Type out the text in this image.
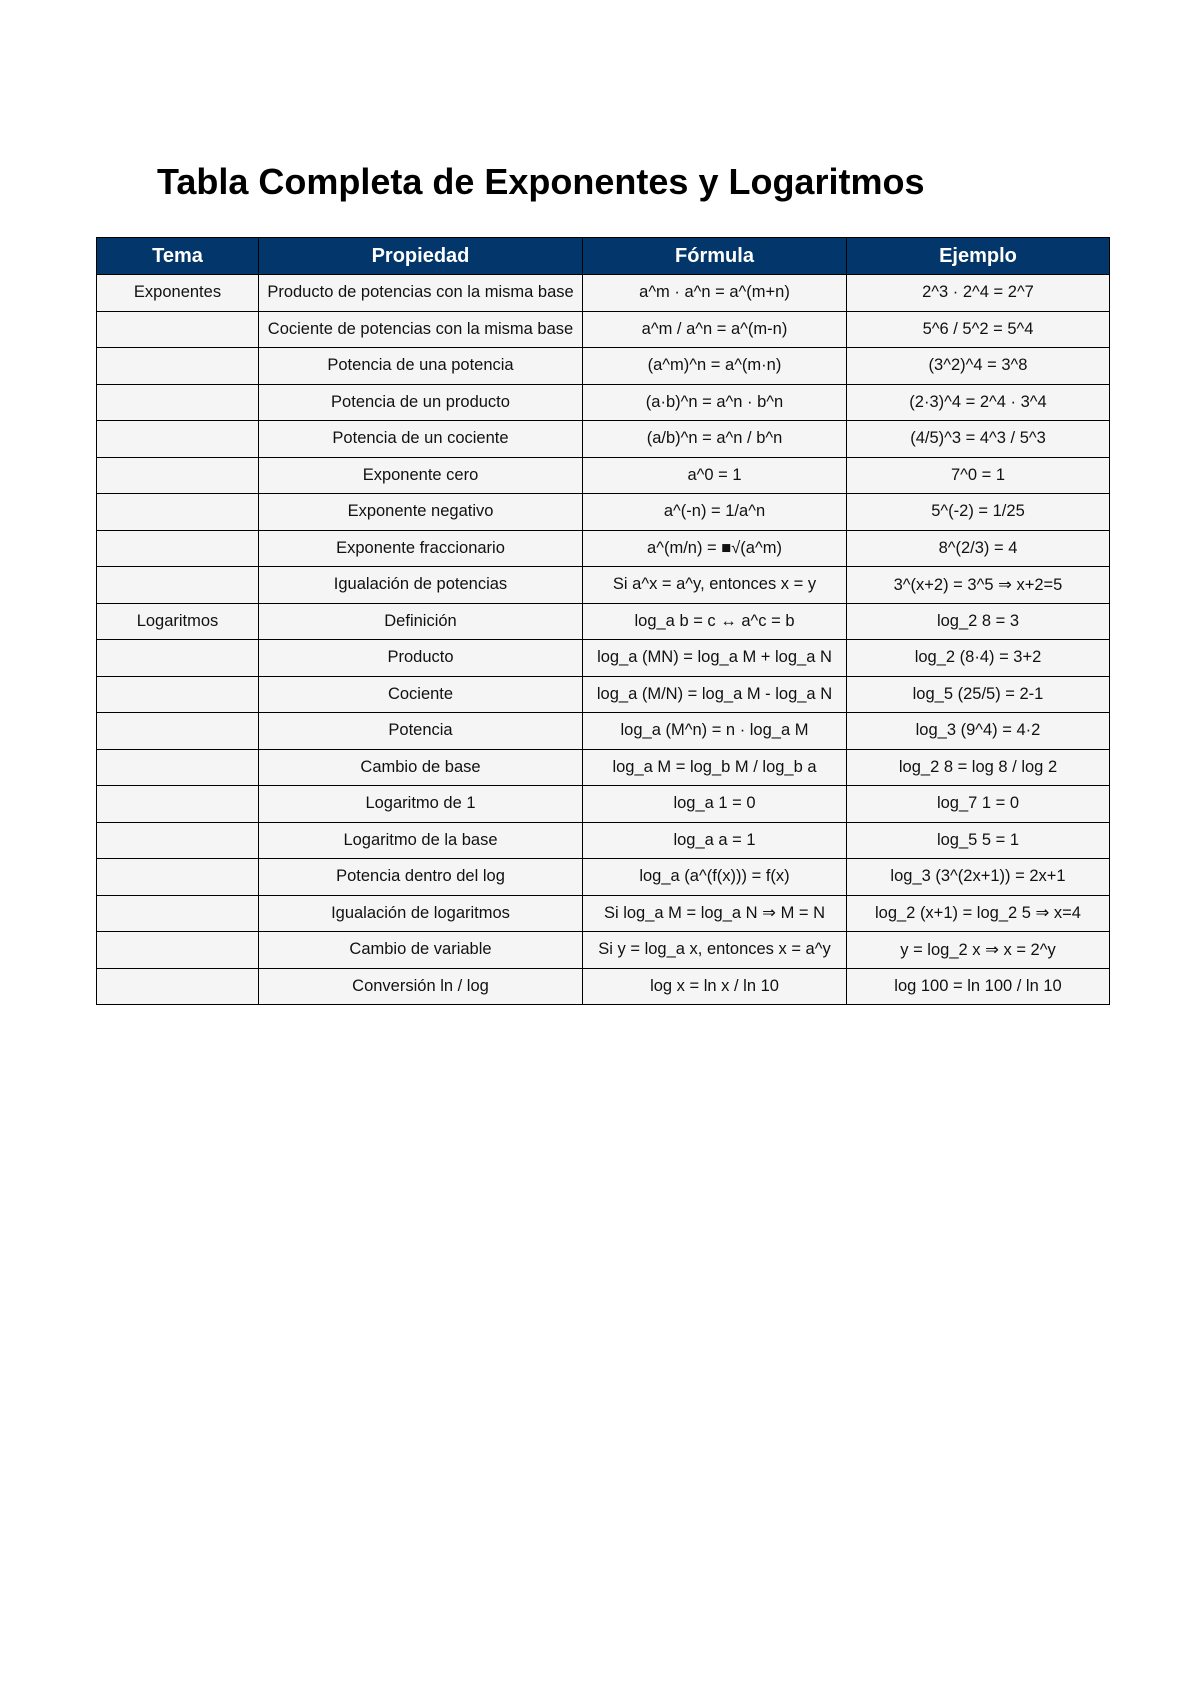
Tabla Completa de Exponentes y Logaritmos
Tema	Propiedad	Fórmula	Ejemplo
Exponentes	Producto de potencias con la misma base	a^m · a^n = a^(m+n)	2^3 · 2^4 = 2^7
	Cociente de potencias con la misma base	a^m / a^n = a^(m-n)	5^6 / 5^2 = 5^4
	Potencia de una potencia	(a^m)^n = a^(m·n)	(3^2)^4 = 3^8
	Potencia de un producto	(a·b)^n = a^n · b^n	(2·3)^4 = 2^4 · 3^4
	Potencia de un cociente	(a/b)^n = a^n / b^n	(4/5)^3 = 4^3 / 5^3
	Exponente cero	a^0 = 1	7^0 = 1
	Exponente negativo	a^(-n) = 1/a^n	5^(-2) = 1/25
	Exponente fraccionario	a^(m/n) = ■√(a^m)	8^(2/3) = 4
	Igualación de potencias	Si a^x = a^y, entonces x = y	3^(x+2) = 3^5 ⇒ x+2=5
Logaritmos	Definición	log_a b = c ↔ a^c = b	log_2 8 = 3
	Producto	log_a (MN) = log_a M + log_a N	log_2 (8·4) = 3+2
	Cociente	log_a (M/N) = log_a M - log_a N	log_5 (25/5) = 2-1
	Potencia	log_a (M^n) = n · log_a M	log_3 (9^4) = 4·2
	Cambio de base	log_a M = log_b M / log_b a	log_2 8 = log 8 / log 2
	Logaritmo de 1	log_a 1 = 0	log_7 1 = 0
	Logaritmo de la base	log_a a = 1	log_5 5 = 1
	Potencia dentro del log	log_a (a^(f(x))) = f(x)	log_3 (3^(2x+1)) = 2x+1
	Igualación de logaritmos	Si log_a M = log_a N ⇒ M = N	log_2 (x+1) = log_2 5 ⇒ x=4
	Cambio de variable	Si y = log_a x, entonces x = a^y	y = log_2 x ⇒ x = 2^y
	Conversión ln / log	log x = ln x / ln 10	log 100 = ln 100 / ln 10
